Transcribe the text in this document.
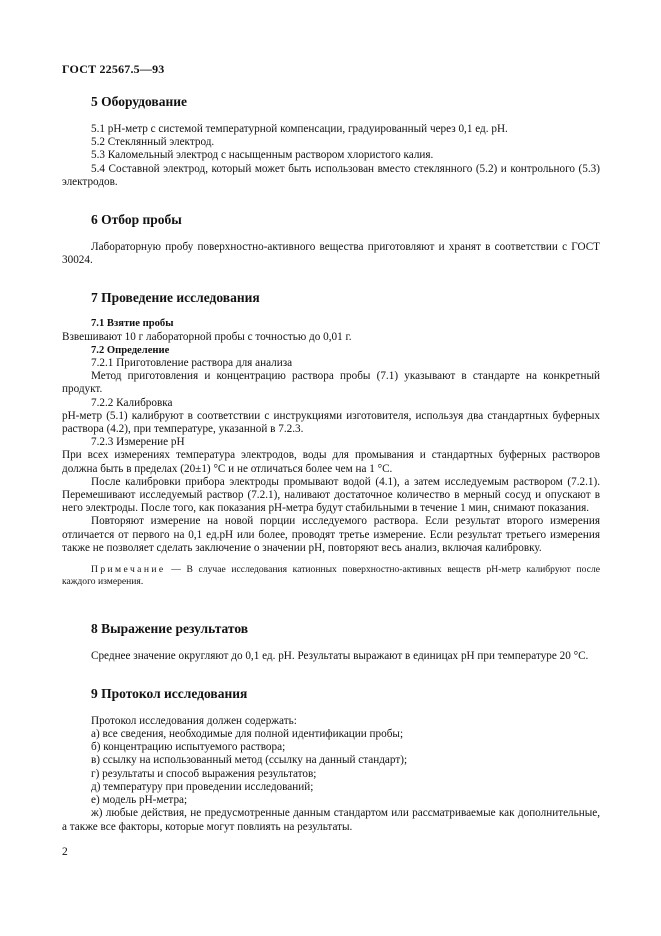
ГОСТ 22567.5—93
5 Оборудование

5.1 pH-метр с системой температурной компенсации, градуированный через 0,1 ед. pH.

5.2 Стеклянный электрод.

5.3 Каломельный электрод с насыщенным раствором хлористого калия.

5.4 Составной электрод, который может быть использован вместо стеклянного (5.2) и контрольного (5.3) электродов.

6 Отбор пробы

Лабораторную пробу поверхностно-активного вещества приготовляют и хранят в соответствии с ГОСТ 30024.

7 Проведение исследования
7.1 Взятие пробы

Взвешивают 10 г лабораторной пробы с точностью до 0,01 г.

7.2 Определение

7.2.1 Приготовление раствора для анализа

Метод приготовления и концентрацию раствора пробы (7.1) указывают в стандарте на конкретный продукт.

7.2.2 Калибровка

pH-метр (5.1) калибруют в соответствии с инструкциями изготовителя, используя два стандартных буферных раствора (4.2), при температуре, указанной в 7.2.3.

7.2.3 Измерение pH

При всех измерениях температура электродов, воды для промывания и стандартных буферных растворов должна быть в пределах (20±1) °С и не отличаться более чем на 1 °С.

После калибровки прибора электроды промывают водой (4.1), а затем исследуемым раствором (7.2.1). Перемешивают исследуемый раствор (7.2.1), наливают достаточное количество в мерный сосуд и опускают в него электроды. После того, как показания pH-метра будут стабильными в течение 1 мин, снимают показания.

Повторяют измерение на новой порции исследуемого раствора. Если результат второго измерения отличается от первого на 0,1 ед.pH или более, проводят третье измерение. Если результат третьего измерения также не позволяет сделать заключение о значении pH, повторяют весь анализ, включая калибровку.

Примечание — В случае исследования катионных поверхностно-активных веществ pH-метр калибруют после каждого измерения.

8 Выражение результатов

Среднее значение округляют до 0,1 ед. pH. Результаты выражают в единицах pH при температуре 20 °С.

9 Протокол исследования

Протокол исследования должен содержать:

а) все сведения, необходимые для полной идентификации пробы;

б) концентрацию испытуемого раствора;

в) ссылку на использованный метод (ссылку на данный стандарт);

г) результаты и способ выражения результатов;

д) температуру при проведении исследований;

е) модель pH-метра;

ж) любые действия, не предусмотренные данным стандартом или рассматриваемые как дополнительные, а также все факторы, которые могут повлиять на результаты.

2
